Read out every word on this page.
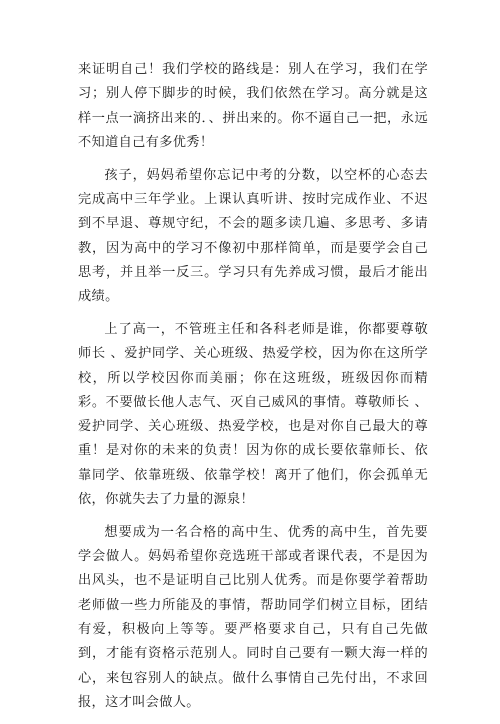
来证明自己！我们学校的路线是：别人在学习，我们在学习；别人停下脚步的时候，我们依然在学习。高分就是这样一点一滴挤出来的．、拼出来的。你不逼自己一把，永远不知道自己有多优秀！

孩子，妈妈希望你忘记中考的分数，以空杯的心态去完成高中三年学业。上课认真听讲、按时完成作业、不迟到不早退、尊规守纪，不会的题多读几遍、多思考、多请教，因为高中的学习不像初中那样简单，而是要学会自己思考，并且举一反三。学习只有先养成习惯，最后才能出成绩。

上了高一，不管班主任和各科老师是谁，你都要尊敬师长 、爱护同学、关心班级、热爱学校，因为你在这所学校，所以学校因你而美丽；你在这班级，班级因你而精彩。不要做长他人志气、灭自己威风的事情。尊敬师长 、爱护同学、关心班级、热爱学校，也是对你自己最大的尊重！是对你的未来的负责！因为你的成长要依靠师长、依靠同学、依靠班级、依靠学校！离开了他们，你会孤单无依，你就失去了力量的源泉！

想要成为一名合格的高中生、优秀的高中生，首先要学会做人。妈妈希望你竞选班干部或者课代表，不是因为出风头，也不是证明自己比别人优秀。而是你要学着帮助老师做一些力所能及的事情，帮助同学们树立目标，团结有爱，积极向上等等。要严格要求自己，只有自己先做到，才能有资格示范别人。同时自己要有一颗大海一样的心，来包容别人的缺点。做什么事情自己先付出，不求回报，这才叫会做人。
